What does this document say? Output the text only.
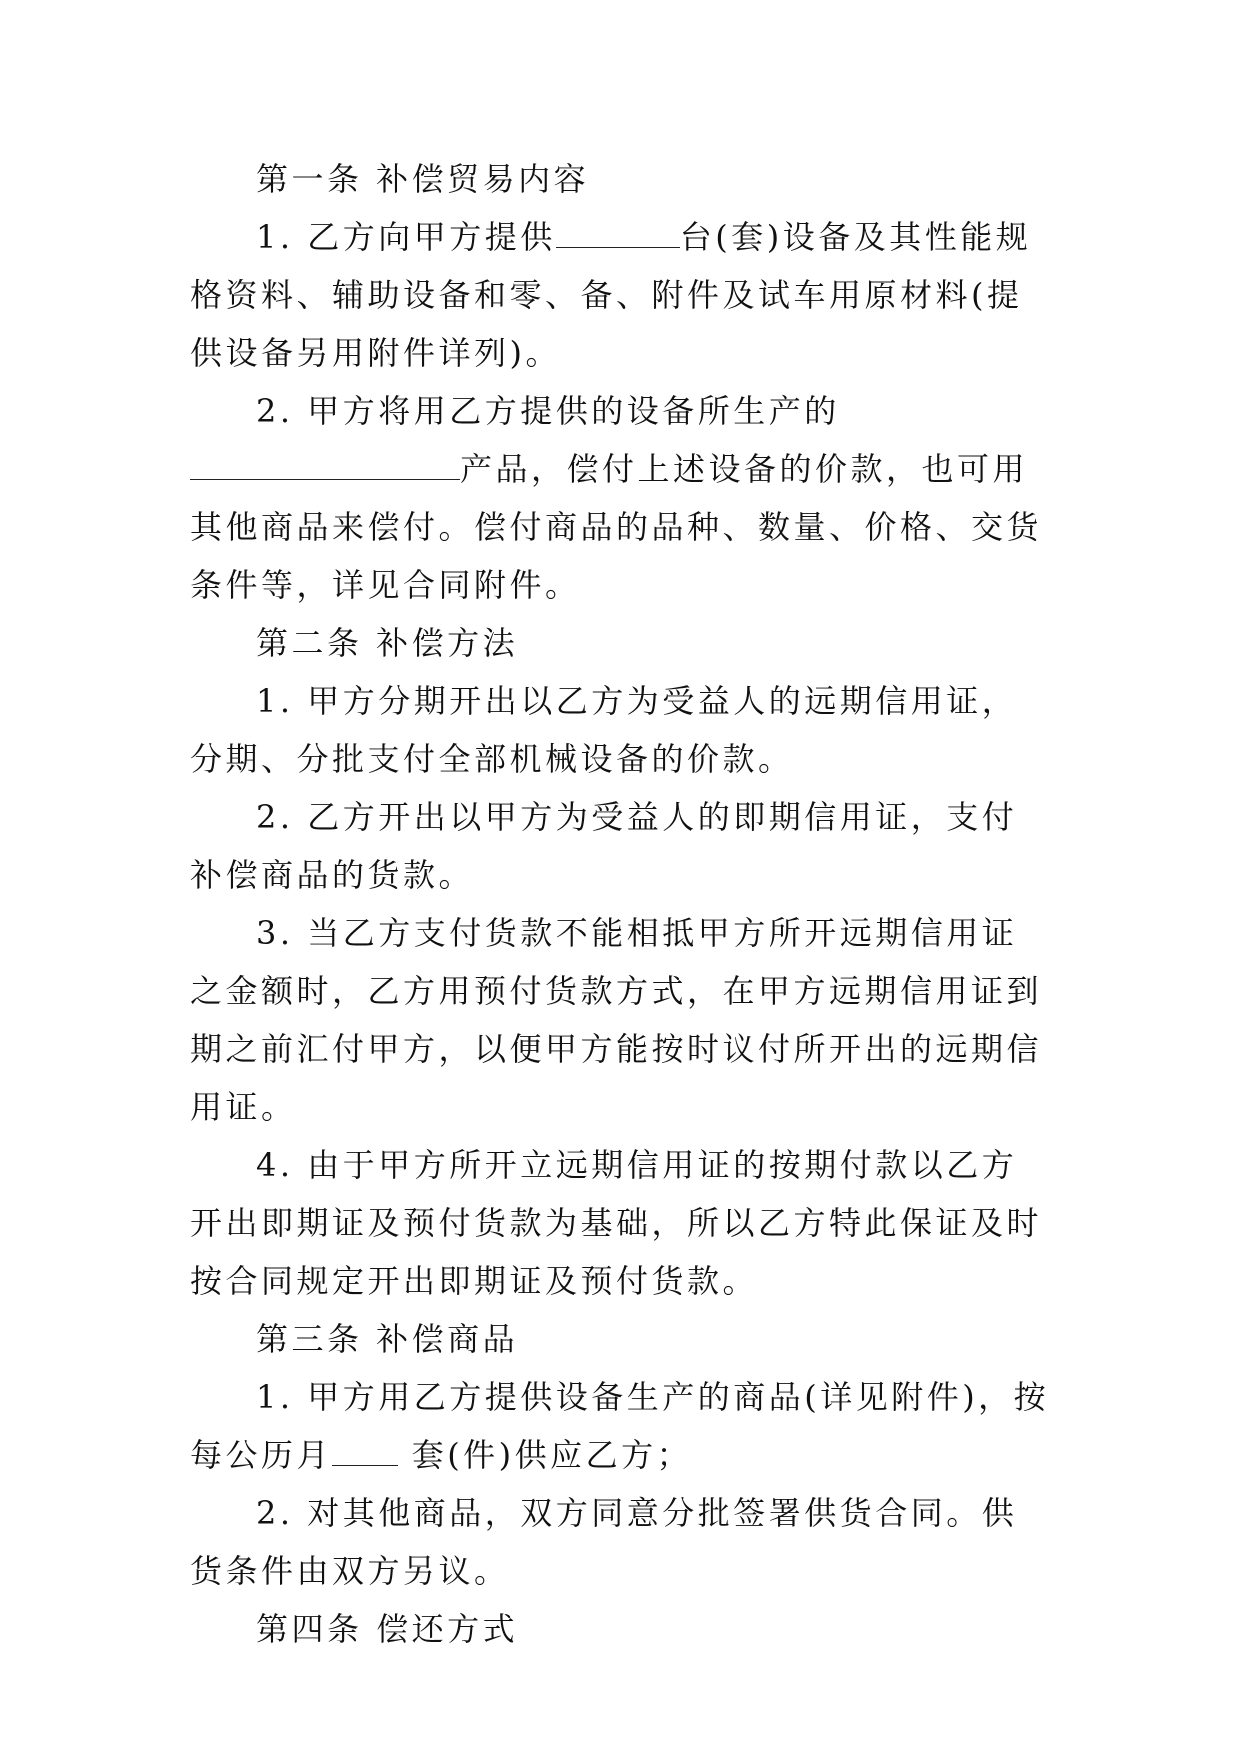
第一条 补偿贸易内容

1. 乙方向甲方提供	台(套)设备及其性能规格资料、辅助设备和零、备、附件及试车用原材料(提供设备另用附件详列)。

2. 甲方将用乙方提供的设备所生产的产品，偿付上述设备的价款，也可用其他商品来偿付。偿付商品的品种、数量、价格、交货条件等，详见合同附件。

第二条 补偿方法

1. 甲方分期开出以乙方为受益人的远期信用证，分期、分批支付全部机械设备的价款。

2. 乙方开出以甲方为受益人的即期信用证，支付补偿商品的货款。

3. 当乙方支付货款不能相抵甲方所开远期信用证之金额时，乙方用预付货款方式，在甲方远期信用证到期之前汇付甲方，以便甲方能按时议付所开出的远期信用证。

4. 由于甲方所开立远期信用证的按期付款以乙方开出即期证及预付货款为基础，所以乙方特此保证及时按合同规定开出即期证及预付货款。

第三条 补偿商品

1. 甲方用乙方提供设备生产的商品(详见附件)，按每公历月 套(件)供应乙方；

2. 对其他商品，双方同意分批签署供货合同。供货条件由双方另议。

第四条 偿还方式
